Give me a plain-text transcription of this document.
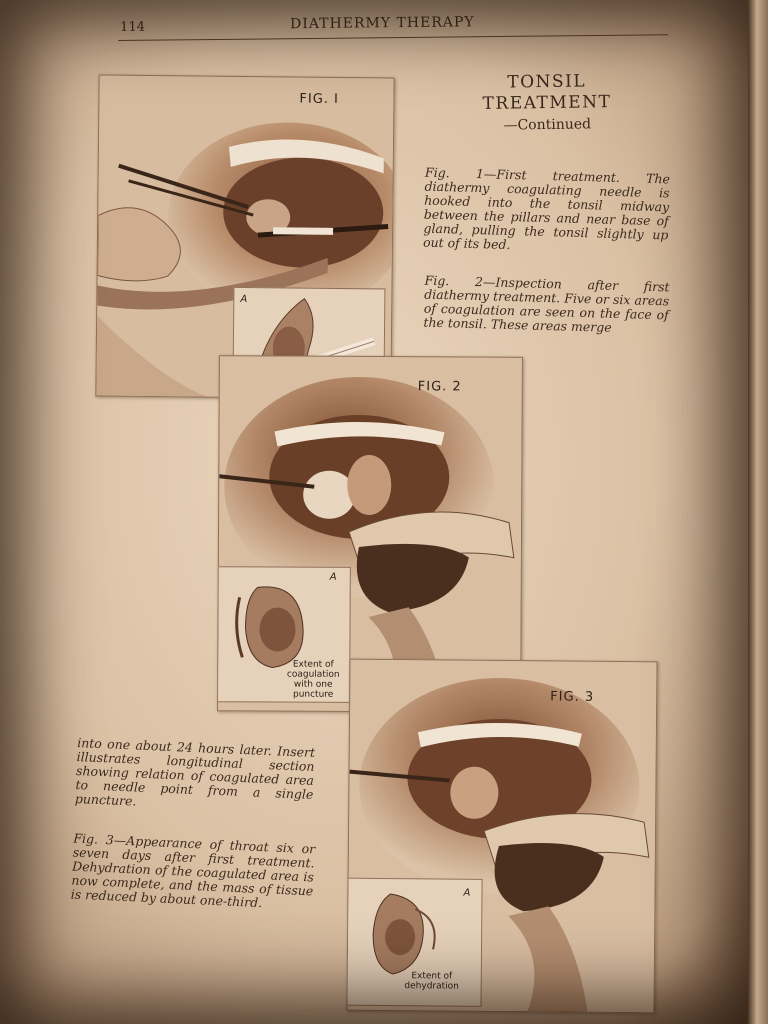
114	DIATHERMY THERAPY
TONSIL TREATMENT
—Continued

Fig. 1—First treatment. The diathermy coagulating needle is hooked into the tonsil midway between the pillars and near base of gland, pulling the tonsil slightly up out of its bed.

Fig. 2—Inspection after first diathermy treatment. Five or six areas of coagulation are seen on the face of the tonsil. These areas merge

into one about 24 hours later. Insert illustrates longitudinal section showing relation of coagulated area to needle point from a single puncture.

Fig. 3—Appearance of throat six or seven days after first treatment. Dehydration of the coagulated area is now complete, and the mass of tissue is reduced by about one-third.

FIG. I
A
FIG. 2
A
Extent of coagulation with one puncture	FIG. 3
A
Extent of dehydration
